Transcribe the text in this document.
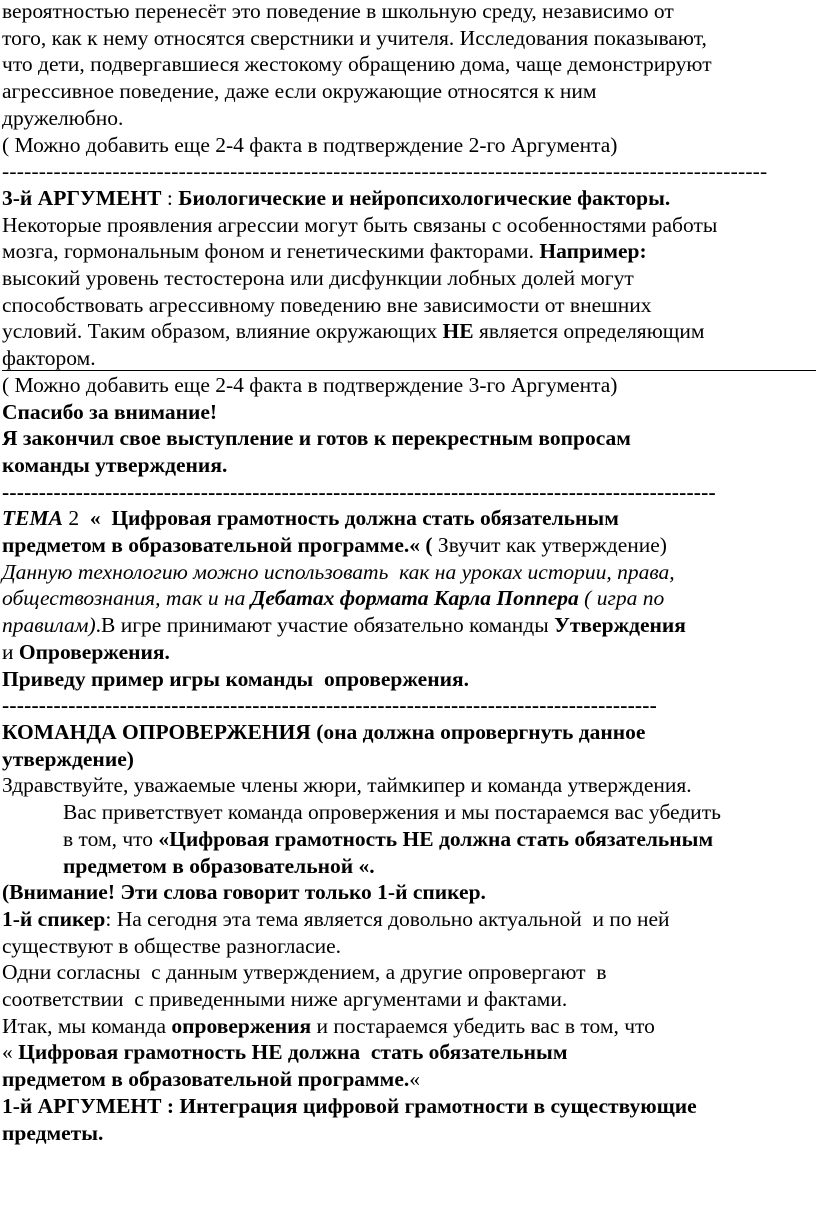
вероятностью перенесёт это поведение в школьную среду, независимо от

того, как к нему относятся сверстники и учителя. Исследования показывают,

что дети, подвергавшиеся жестокому обращению дома, чаще демонстрируют

агрессивное поведение, даже если окружающие относятся к ним

дружелюбно.

( Можно добавить еще 2-4 факта в подтверждение 2-го Аргумента)

--------------------------------------------------------------------------------------------------------

3-й АРГУМЕНТ : Биологические и нейропсихологические факторы.

Некоторые проявления агрессии могут быть связаны с особенностями работы

мозга, гормональным фоном и генетическими факторами. Например:

высокий уровень тестостерона или дисфункции лобных долей могут

способствовать агрессивному поведению вне зависимости от внешних

условий. Таким образом, влияние окружающих НЕ является определяющим

фактором.

( Можно добавить еще 2-4 факта в подтверждение 3-го Аргумента)

Спасибо за внимание!

Я закончил свое выступление и готов к перекрестным вопросам

команды утверждения.

-------------------------------------------------------------------------------------------------

ТЕМА 2  «  Цифровая грамотность должна стать обязательным

предметом в образовательной программе.« ( Звучит как утверждение)

Данную технологию можно использовать  как на уроках истории, права,

обществознания, так и на Дебатах формата Карла Поппера ( игра по

правилам).В игре принимают участие обязательно команды Утверждения

и Опровержения.

Приведу пример игры команды  опровержения.

-----------------------------------------------------------------------------------------

КОМАНДА ОПРОВЕРЖЕНИЯ (она должна опровергнуть данное

утверждение)

Здравствуйте, уважаемые члены жюри, таймкипер и команда утверждения.

Вас приветствует команда опровержения и мы постараемся вас убедить

в том, что «Цифровая грамотность НЕ должна стать обязательным

предметом в образовательной «.

(Внимание! Эти слова говорит только 1-й спикер.

1-й спикер: На сегодня эта тема является довольно актуальной  и по ней

существуют в обществе разногласие.

Одни согласны  с данным утверждением, а другие опровергают  в

соответствии  с приведенными ниже аргументами и фактами.

Итак, мы команда опровержения и постараемся убедить вас в том, что

« Цифровая грамотность НЕ должна  стать обязательным

предметом в образовательной программе.«

1-й АРГУМЕНТ : Интеграция цифровой грамотности в существующие

предметы.
